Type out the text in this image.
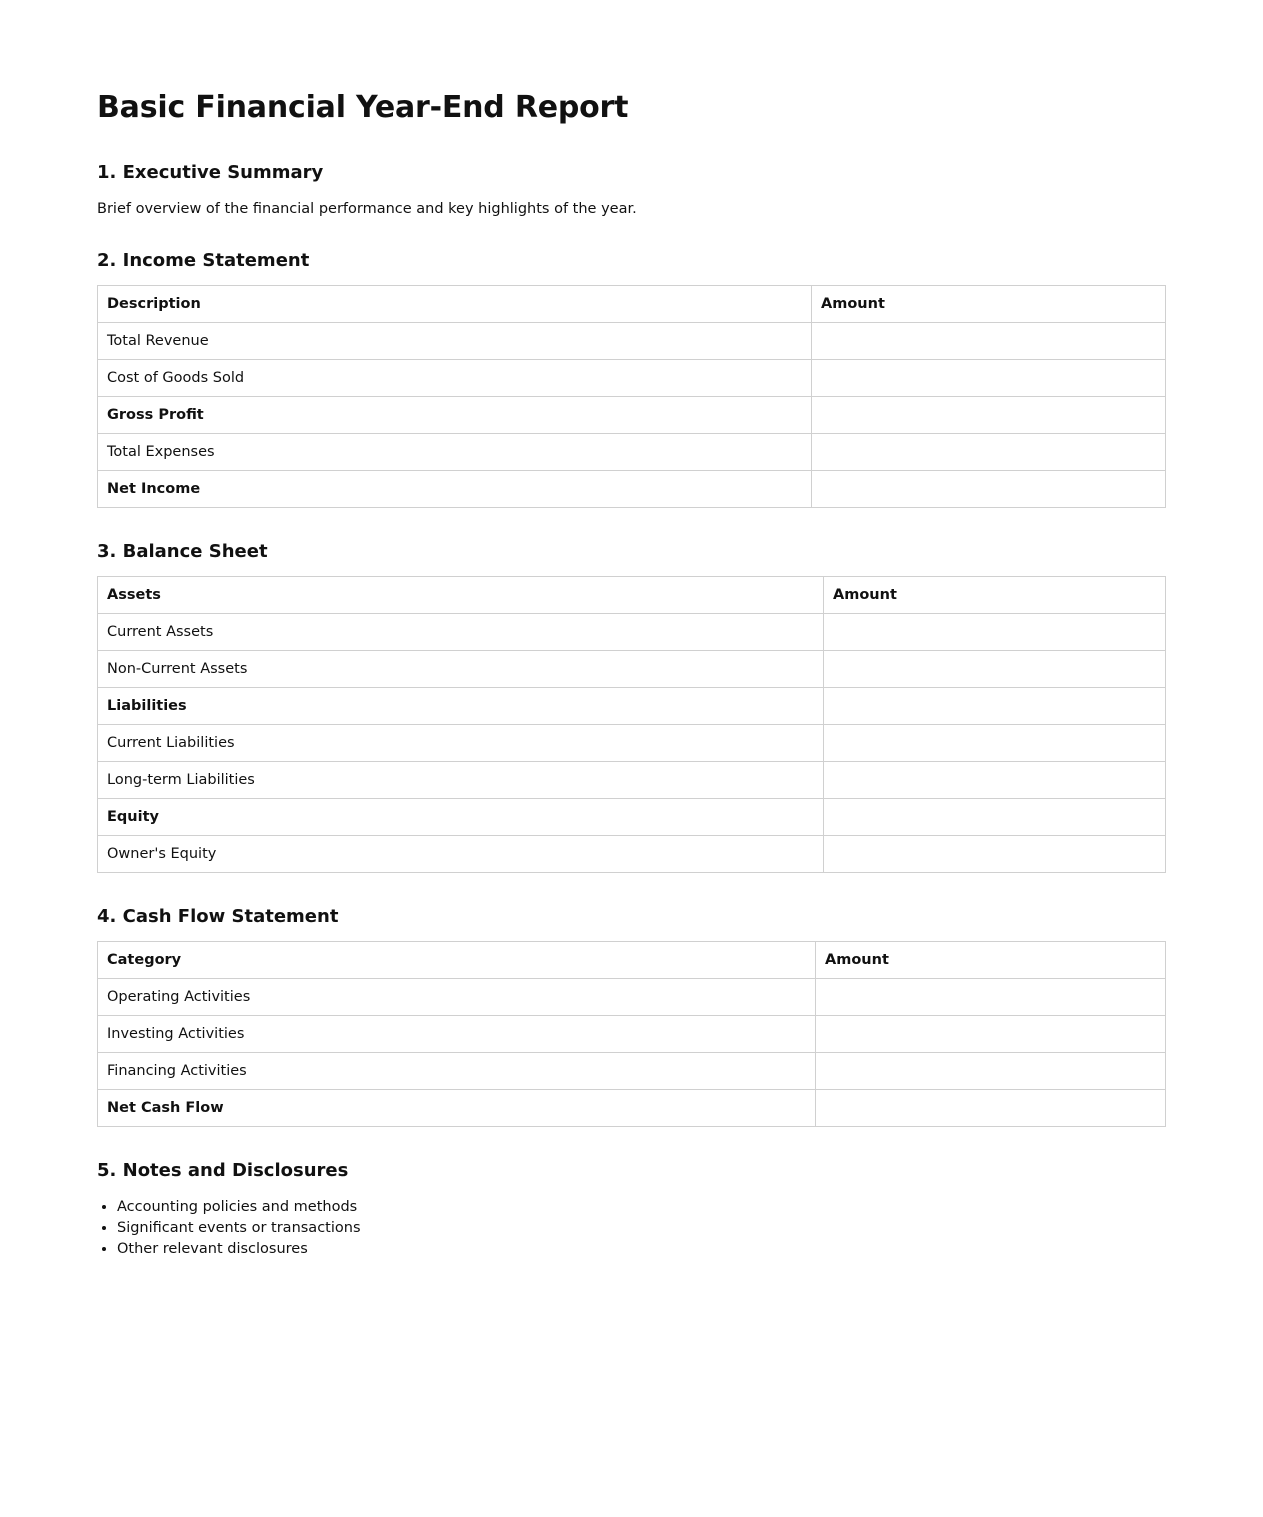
Basic Financial Year-End Report
1. Executive Summary

Brief overview of the financial performance and key highlights of the year.

2. Income Statement
Description	Amount
Total Revenue	
Cost of Goods Sold	
Gross Profit	
Total Expenses	
Net Income	
3. Balance Sheet
Assets	Amount
Current Assets	
Non-Current Assets	
Liabilities	
Current Liabilities	
Long-term Liabilities	
Equity	
Owner's Equity	
4. Cash Flow Statement
Category	Amount
Operating Activities	
Investing Activities	
Financing Activities	
Net Cash Flow	
5. Notes and Disclosures
• Accounting policies and methods
• Significant events or transactions
• Other relevant disclosures
